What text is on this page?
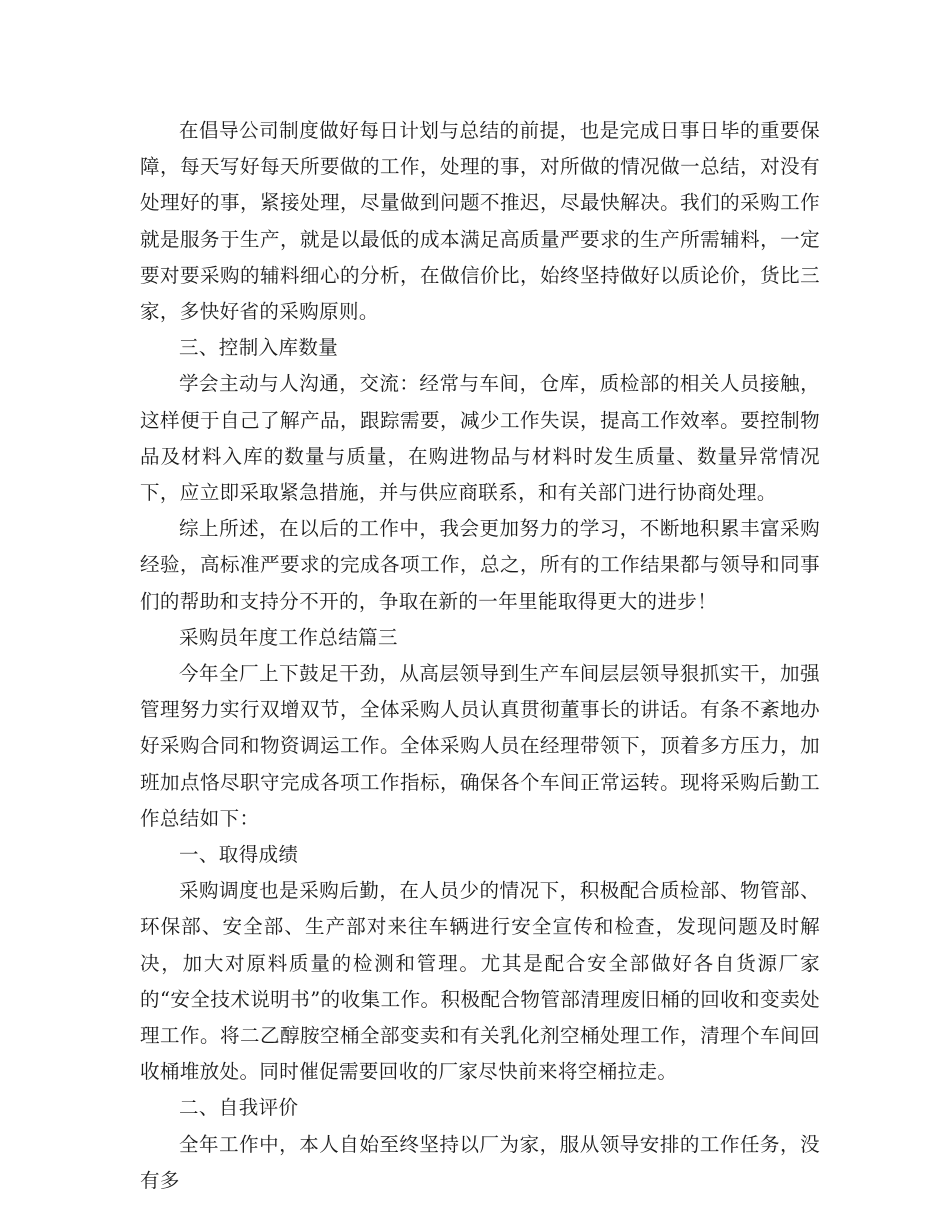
在倡导公司制度做好每日计划与总结的前提，也是完成日事日毕的重要保障，每天写好每天所要做的工作，处理的事，对所做的情况做一总结，对没有处理好的事，紧接处理，尽量做到问题不推迟，尽最快解决。我们的采购工作就是服务于生产，就是以最低的成本满足高质量严要求的生产所需辅料，一定要对要采购的辅料细心的分析，在做信价比，始终坚持做好以质论价，货比三家，多快好省的采购原则。

三、控制入库数量

学会主动与人沟通，交流：经常与车间，仓库，质检部的相关人员接触，这样便于自己了解产品，跟踪需要，减少工作失误，提高工作效率。要控制物品及材料入库的数量与质量，在购进物品与材料时发生质量、数量异常情况下，应立即采取紧急措施，并与供应商联系，和有关部门进行协商处理。

综上所述，在以后的工作中，我会更加努力的学习，不断地积累丰富采购经验，高标准严要求的完成各项工作，总之，所有的工作结果都与领导和同事们的帮助和支持分不开的，争取在新的一年里能取得更大的进步！

采购员年度工作总结篇三

今年全厂上下鼓足干劲，从高层领导到生产车间层层领导狠抓实干，加强管理努力实行双增双节，全体采购人员认真贯彻董事长的讲话。有条不紊地办好采购合同和物资调运工作。全体采购人员在经理带领下，顶着多方压力，加班加点恪尽职守完成各项工作指标，确保各个车间正常运转。现将采购后勤工作总结如下：

一、取得成绩

采购调度也是采购后勤，在人员少的情况下，积极配合质检部、物管部、环保部、安全部、生产部对来往车辆进行安全宣传和检查，发现问题及时解决，加大对原料质量的检测和管理。尤其是配合安全部做好各自货源厂家的“安全技术说明书”的收集工作。积极配合物管部清理废旧桶的回收和变卖处理工作。将二乙醇胺空桶全部变卖和有关乳化剂空桶处理工作，清理个车间回收桶堆放处。同时催促需要回收的厂家尽快前来将空桶拉走。

二、自我评价

全年工作中，本人自始至终坚持以厂为家，服从领导安排的工作任务，没有多
